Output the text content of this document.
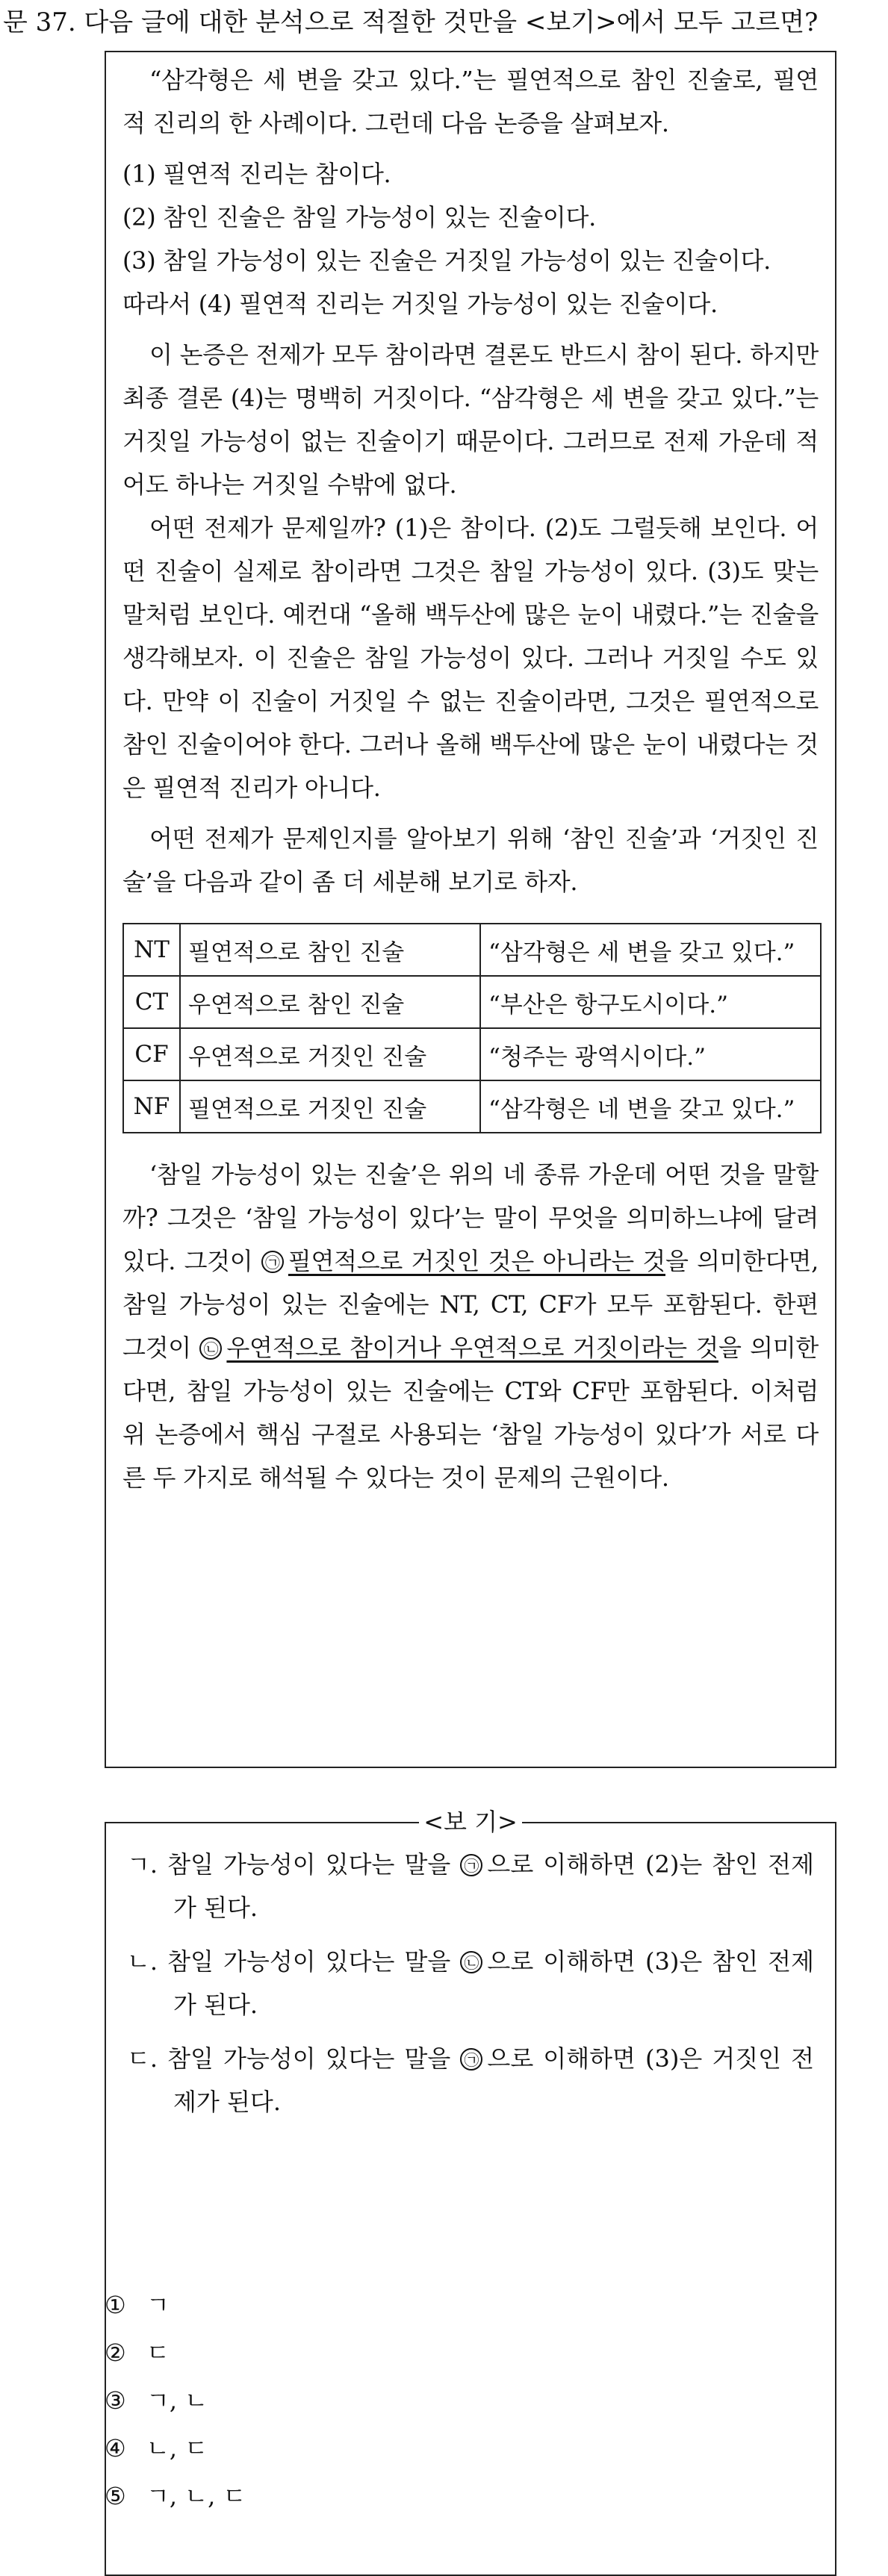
문 37. 다음 글에 대한 분석으로 적절한 것만을 <보기>에서 모두 고르면?

“삼각형은 세 변을 갖고 있다.”는 필연적으로 참인 진술로, 필연적 진리의 한 사례이다. 그런데 다음 논증을 살펴보자.

(1) 필연적 진리는 참이다.

(2) 참인 진술은 참일 가능성이 있는 진술이다.

(3) 참일 가능성이 있는 진술은 거짓일 가능성이 있는 진술이다.

따라서 (4) 필연적 진리는 거짓일 가능성이 있는 진술이다.

이 논증은 전제가 모두 참이라면 결론도 반드시 참이 된다. 하지만 최종 결론 (4)는 명백히 거짓이다. “삼각형은 세 변을 갖고 있다.”는 거짓일 가능성이 없는 진술이기 때문이다. 그러므로 전제 가운데 적어도 하나는 거짓일 수밖에 없다.

어떤 전제가 문제일까? (1)은 참이다. (2)도 그럴듯해 보인다. 어떤 진술이 실제로 참이라면 그것은 참일 가능성이 있다. (3)도 맞는 말처럼 보인다. 예컨대 “올해 백두산에 많은 눈이 내렸다.”는 진술을 생각해보자. 이 진술은 참일 가능성이 있다. 그러나 거짓일 수도 있다. 만약 이 진술이 거짓일 수 없는 진술이라면, 그것은 필연적으로 참인 진술이어야 한다. 그러나 올해 백두산에 많은 눈이 내렸다는 것은 필연적 진리가 아니다.

어떤 전제가 문제인지를 알아보기 위해 ‘참인 진술’과 ‘거짓인 진술’을 다음과 같이 좀 더 세분해 보기로 하자.

NT	필연적으로 참인 진술	“삼각형은 세 변을 갖고 있다.”
CT	우연적으로 참인 진술	“부산은 항구도시이다.”
CF	우연적으로 거짓인 진술	“청주는 광역시이다.”
NF	필연적으로 거짓인 진술	“삼각형은 네 변을 갖고 있다.”

‘참일 가능성이 있는 진술’은 위의 네 종류 가운데 어떤 것을 말할까? 그것은 ‘참일 가능성이 있다’는 말이 무엇을 의미하느냐에 달려 있다. 그것이 ㉠ 필연적으로 거짓인 것은 아니라는 것을 의미한다면, 참일 가능성이 있는 진술에는 NT, CT, CF가 모두 포함된다. 한편 그것이 ㉡ 우연적으로 참이거나 우연적으로 거짓이라는 것을 의미한다면, 참일 가능성이 있는 진술에는 CT와 CF만 포함된다. 이처럼 위 논증에서 핵심 구절로 사용되는 ‘참일 가능성이 있다’가 서로 다른 두 가지로 해석될 수 있다는 것이 문제의 근원이다.

<보 기>

ㄱ. 참일 가능성이 있다는 말을 ㉠ 으로 이해하면 (2)는 참인 전제가 된다.

ㄴ. 참일 가능성이 있다는 말을 ㉡ 으로 이해하면 (3)은 참인 전제가 된다.

ㄷ. 참일 가능성이 있다는 말을 ㉠ 으로 이해하면 (3)은 거짓인 전제가 된다.

① ㄱ
② ㄷ
③ ㄱ, ㄴ
④ ㄴ, ㄷ
⑤ ㄱ, ㄴ, ㄷ
